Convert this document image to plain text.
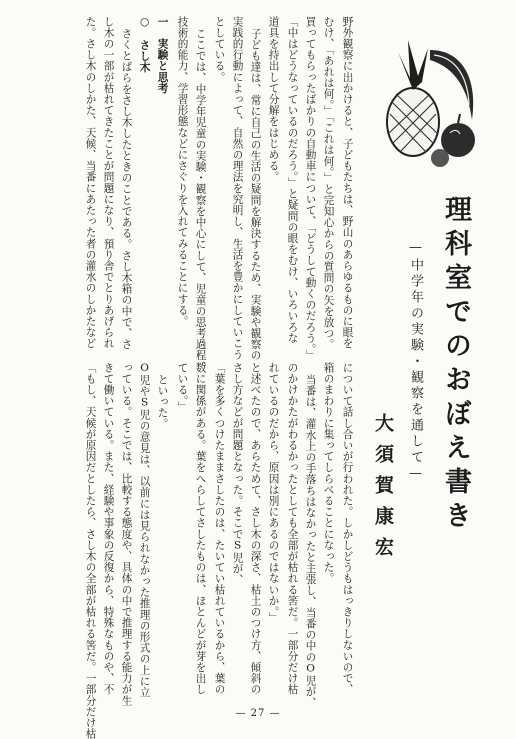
理科室でのおぼえ書き
—中学年の実験・観察を通して—
大須賀康宏
野外観察に出かけると、子どもたちは、野山のあらゆるものに眼を
むけ、「あれは何。」「これは何。」と完知心からの質問の矢を放つ。
買ってもらったばかりの自動車について、「どうして動くのだろう。」
「中はどうなっているのだろう。」と疑問の眼をむけ、いろいろな
道具を持出して分解をはじめる。
子ども達は、常に自己の生活の疑問を解決するため、実験や観察の
実践的行動によって、自然の理法を究明し、生活を豊かにしていこう
としている。
ここでは、中学年児童の実験・観察を中心にして、児童の思考過程、
技術的能力、学習形態などにさぐりを入れてみることにする。
一　実験と思考
○　さし木
さくとばらをさし木したときのことである。さし木箱の中で、さ
し木の一部が枯れてきたことが問題になり、預り舎でとりあげられ
た。さし木のしかた、天候、当番にあたった者の灌水のしかたなど
について話し合いが行われた。しかしどうもはっきりしないので、
箱のまわりに集ってしらべることになった。
当番は、灌水上の手落ちはなかったと主張し、当番の中のO児が、
のかけかたがわるかったとしても全部が枯れる筈だ。一部分だけ枯
れているのだから、原因は別にあるのではないか。」
と述べたので、あらためて、さし木の深さ、枯土のつけ方、傾斜の
さし方などが問題となった。そこでS児が、
「葉を多くつけたままさしたのは、たいてい枯れているから、葉の
数に関係がある。葉をへらしてさしたものは、ほとんどが芽を出し
ている。」
といった。
O児やS児の意見は、以前には見られなかった推理の形式の上に立
っている。そこでは、比較する態度や、具体の中で推理する能力が生
きて働いている。また、経験や事象の反復から、特殊なものや、不
「もし、天候が原因だとしたら、さし木の全部が枯れる筈だ。一部分だけ枯	— 27 —
